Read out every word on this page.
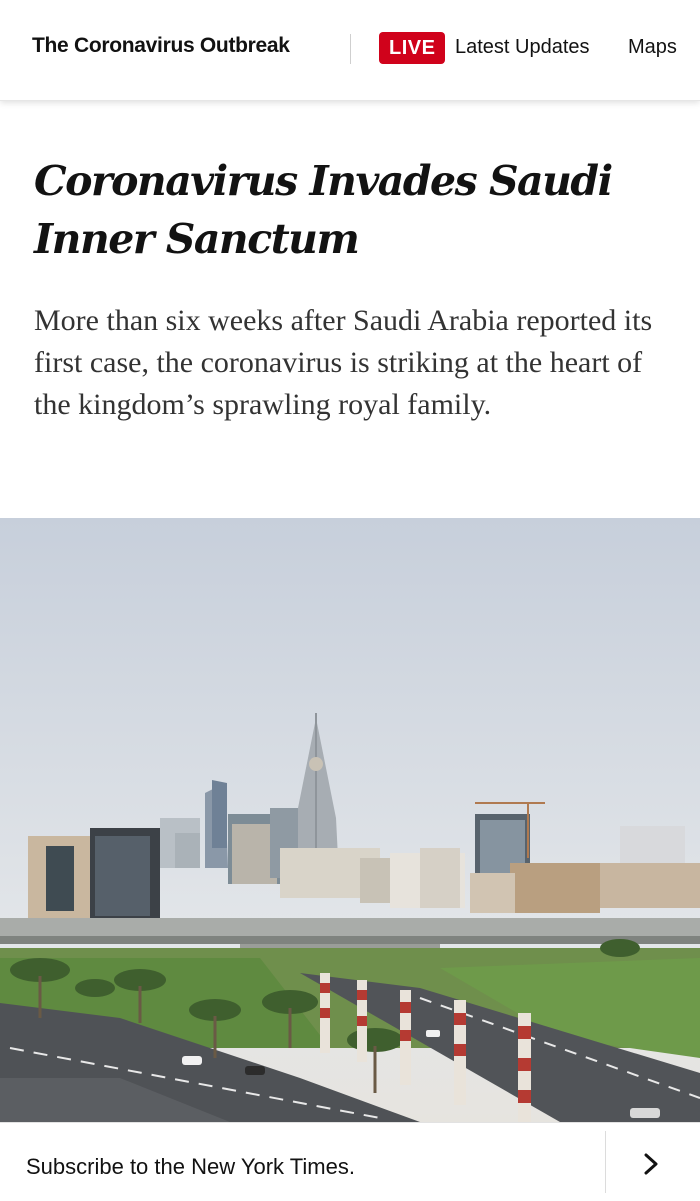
The Coronavirus Outbreak	LIVE Latest Updates Maps
Coronavirus Invades Saudi Inner Sanctum

More than six weeks after Saudi Arabia reported its first case, the coronavirus is striking at the heart of the kingdom’s sprawling royal family.

Subscribe to the New York Times.
